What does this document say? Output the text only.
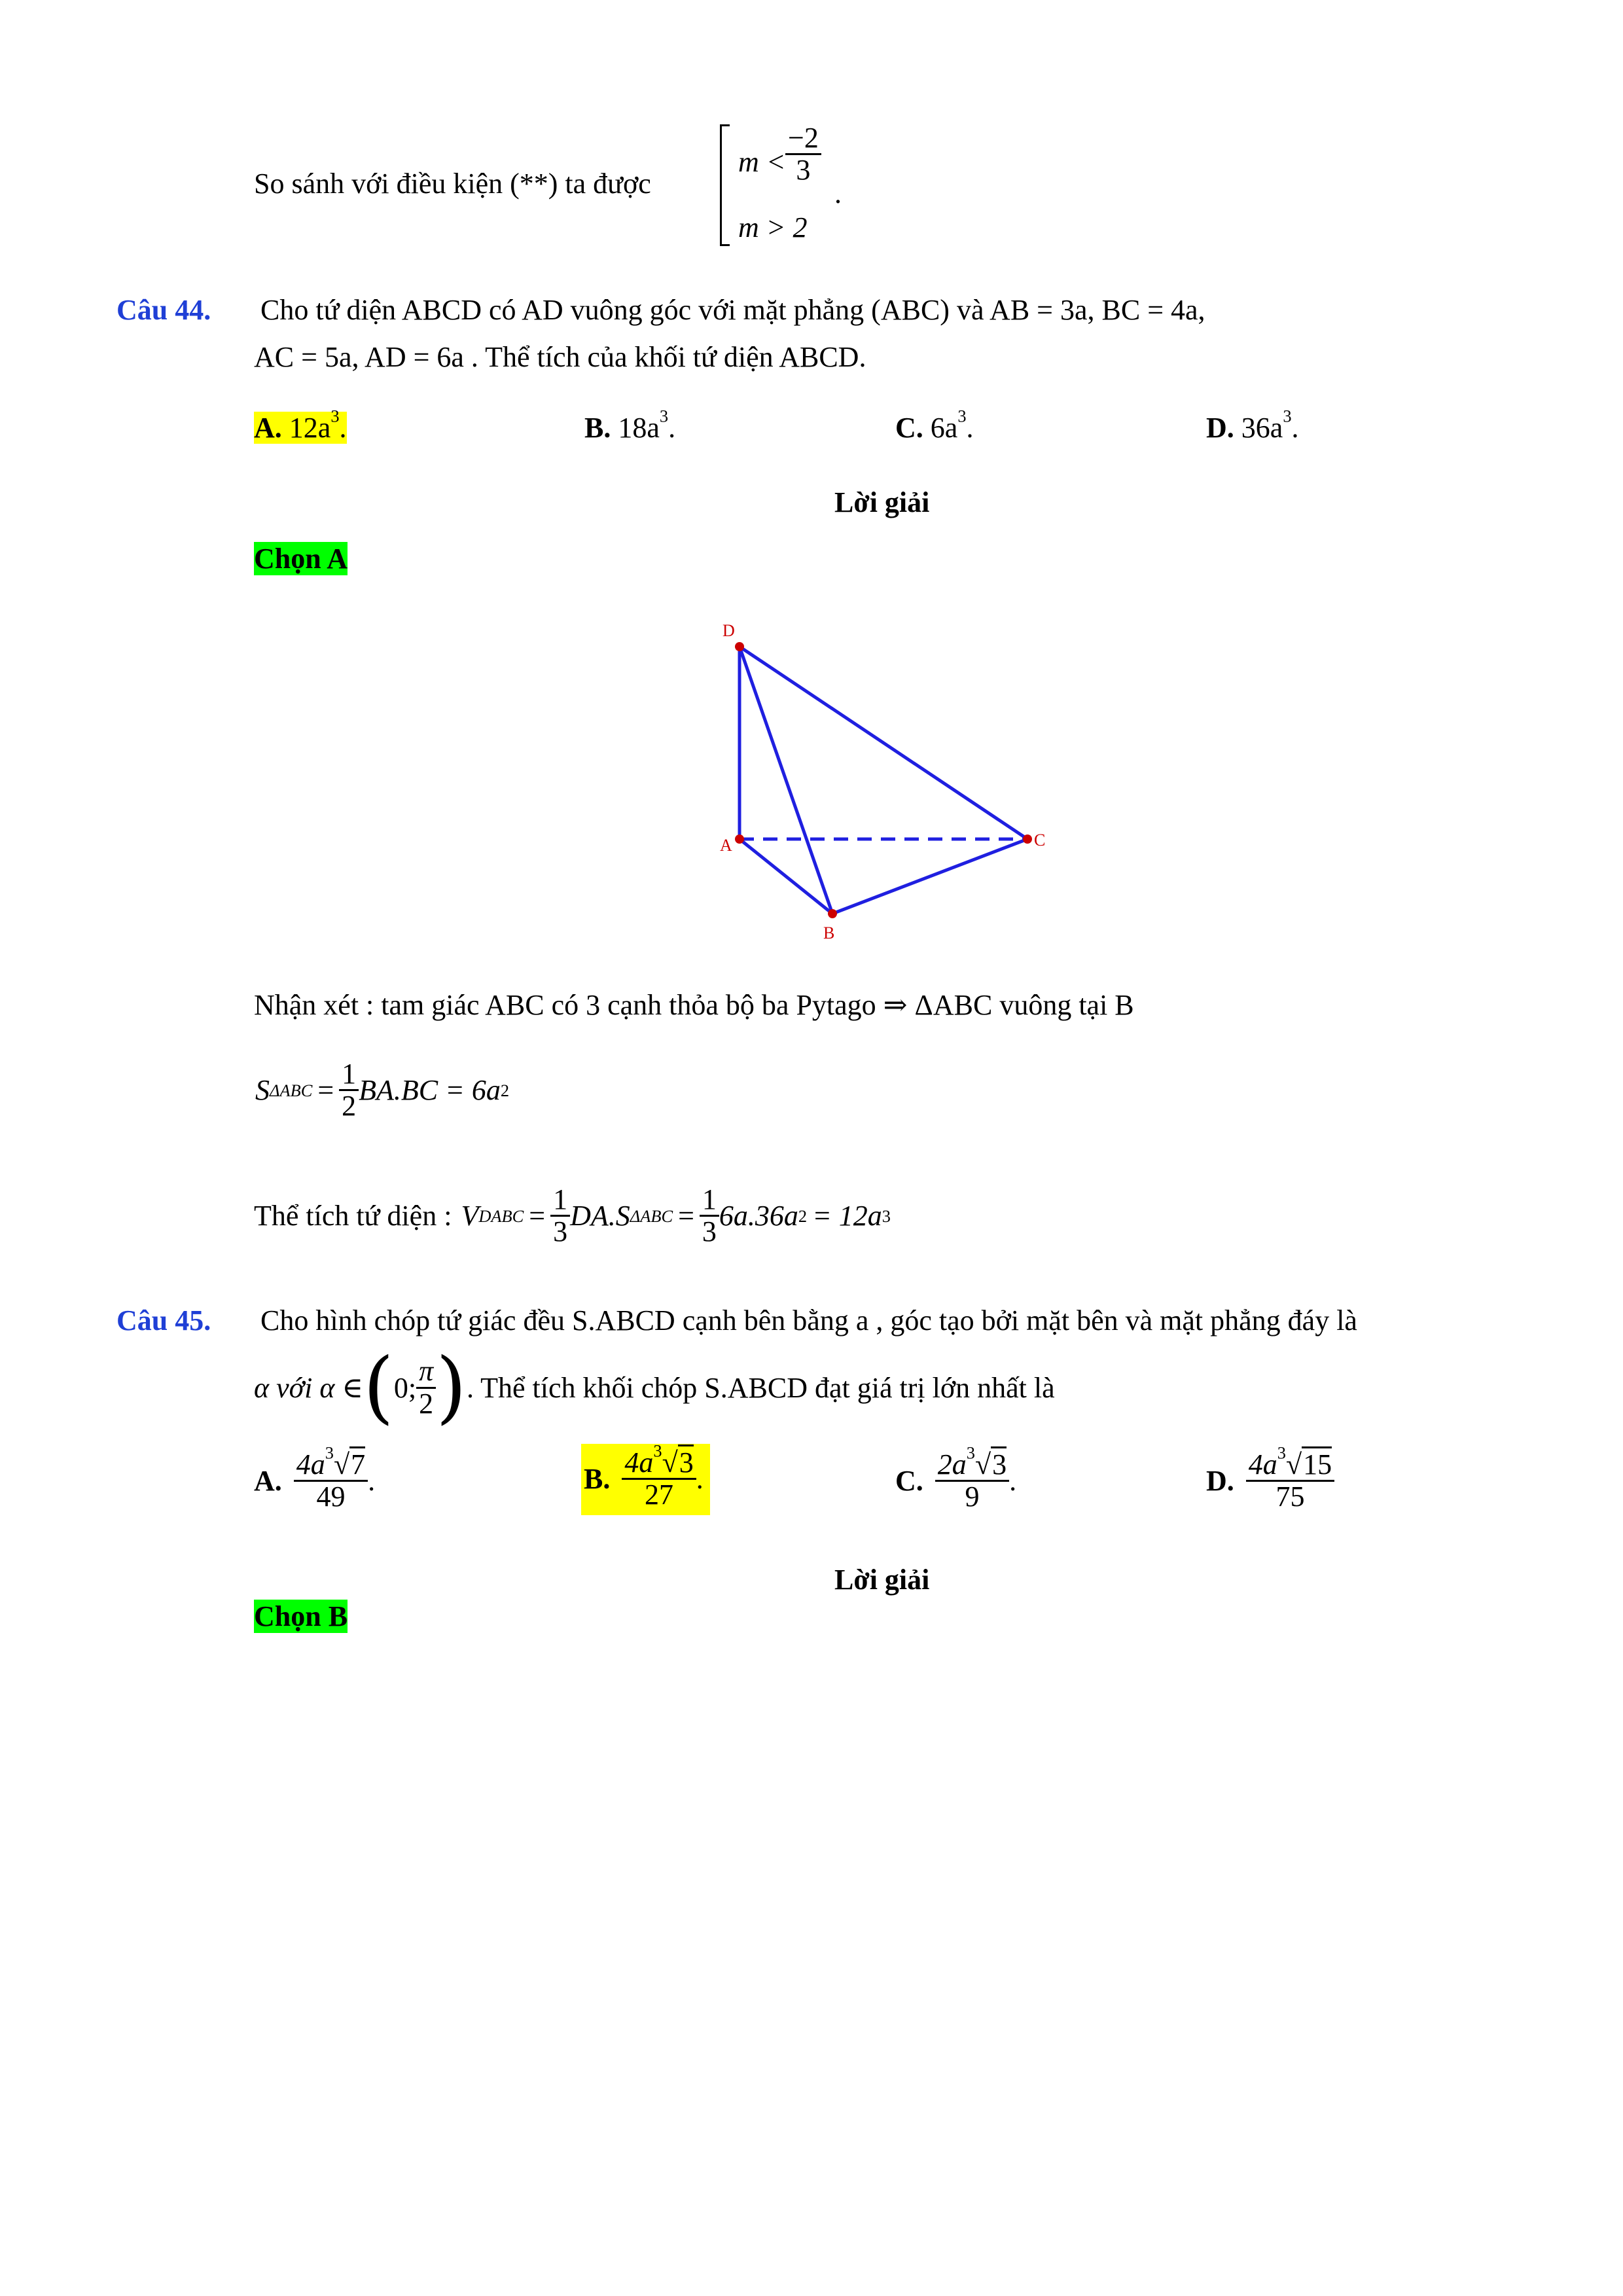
So sánh với điều kiện (**) ta được
$m < \frac{-2}{3}$
.
m > 2
Câu 44. Cho tứ diện ABCD có AD vuông góc với mặt phẳng (ABC) và AB = 3a, BC = 4a,
AC = 5a, AD = 6a . Thể tích của khối tứ diện ABCD.
A. $12a^3$.	B. $18a^3$.	C. $6a^3$.	D. $36a^3$.
Lời giải
Chọn A
D
A
B
C
Nhận xét : tam giác ABC có 3 cạnh thỏa bộ ba Pytago ⇒ ΔABC vuông tại B
S $\Delta ABC = \frac{1}{2} BA.BC = 6a$ 2
Thể tích tứ diện : V DABC = $\frac{1}{3} DA.S$ $\Delta ABC = \frac{1}{3} 6a.36a$ 2 = 12a 3
Câu 45. Cho hình chóp tứ giác đều S.ABCD cạnh bên bằng a , góc tạo bởi mặt bên và mặt phẳng đáy là
α với α ∈ ( 0; $\frac{\pi}{2}$ ) . Thể tích khối chóp S.ABCD đạt giá trị lớn nhất là
A. $\frac{4a^3√7}{49}$ .	B. $\frac{4a^3√3}{27}$ .	C. $\frac{2a^3√3}{9}$ .	D. $\frac{4a^3√15}{75}$
Lời giải
Chọn B
